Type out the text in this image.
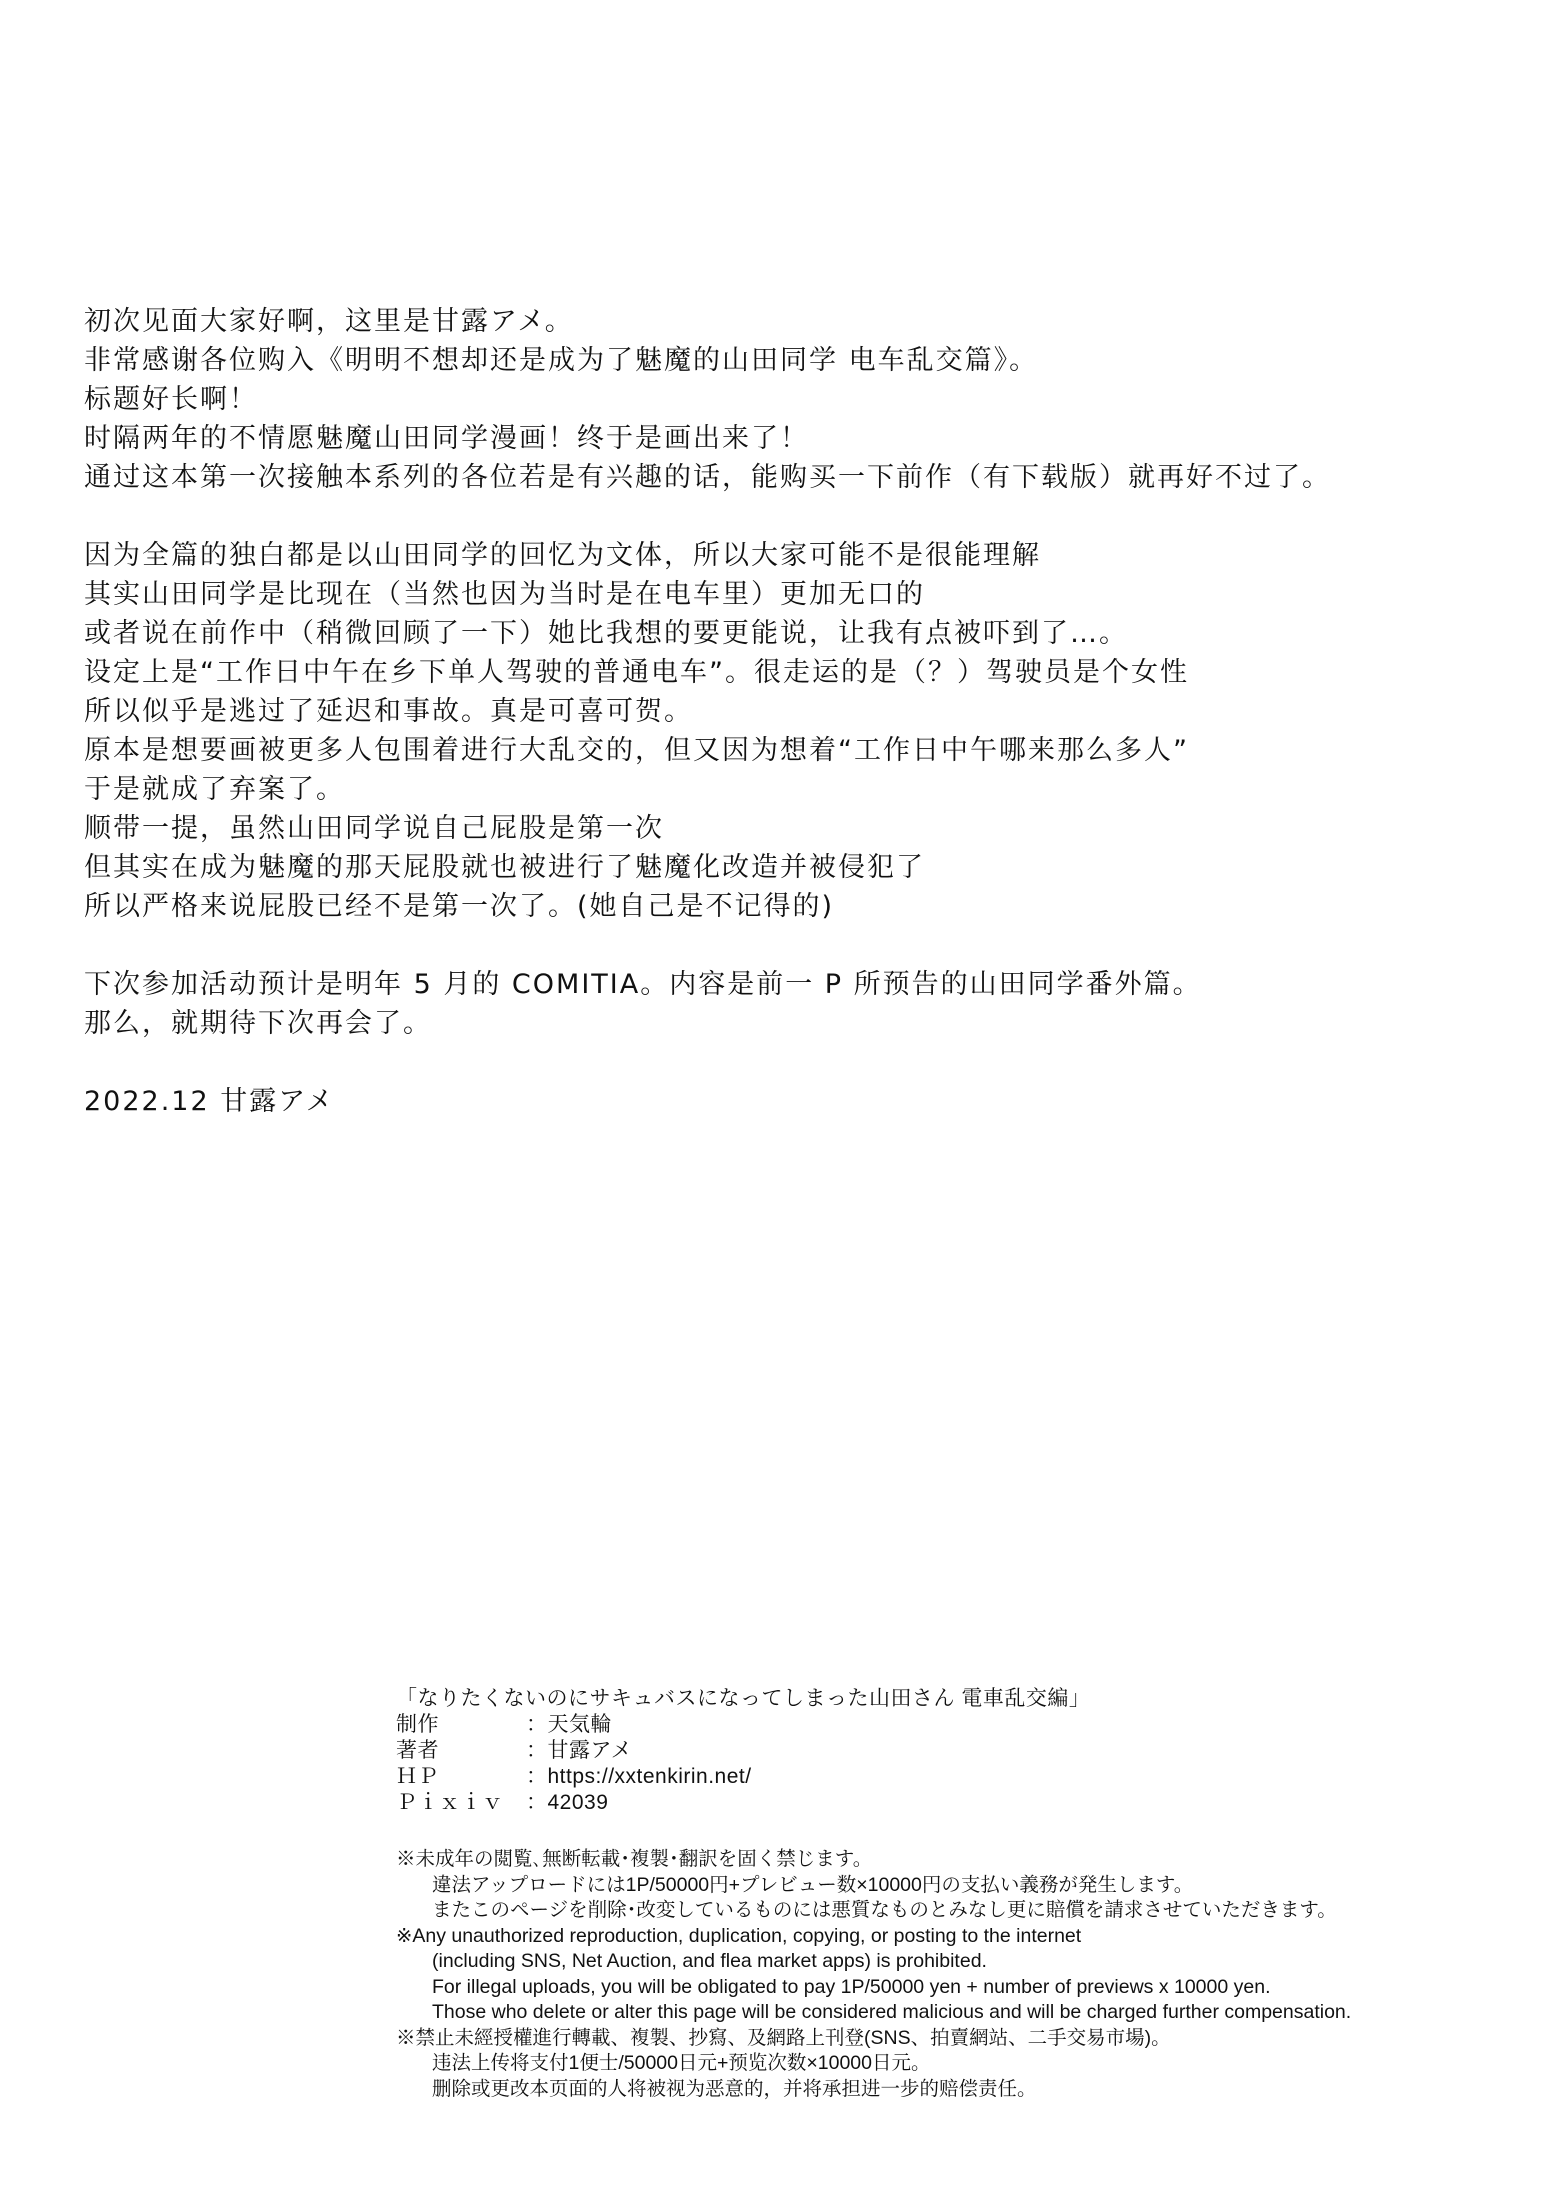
初次见面大家好啊，这里是甘露アメ。

非常感谢各位购入《明明不想却还是成为了魅魔的山田同学 电车乱交篇》。

标题好长啊！

时隔两年的不情愿魅魔山田同学漫画！终于是画出来了！

通过这本第一次接触本系列的各位若是有兴趣的话，能购买一下前作（有下载版）就再好不过了。

因为全篇的独白都是以山田同学的回忆为文体，所以大家可能不是很能理解

其实山田同学是比现在（当然也因为当时是在电车里）更加无口的

或者说在前作中（稍微回顾了一下）她比我想的要更能说，让我有点被吓到了…。

设定上是“工作日中午在乡下单人驾驶的普通电车”。很走运的是（？）驾驶员是个女性

所以似乎是逃过了延迟和事故。真是可喜可贺。

原本是想要画被更多人包围着进行大乱交的，但又因为想着“工作日中午哪来那么多人”

于是就成了弃案了。

顺带一提，虽然山田同学说自己屁股是第一次

但其实在成为魅魔的那天屁股就也被进行了魅魔化改造并被侵犯了

所以严格来说屁股已经不是第一次了。(她自己是不记得的)

下次参加活动预计是明年 5 月的 COMITIA。内容是前一 P 所预告的山田同学番外篇。

那么，就期待下次再会了。

2022.12 甘露アメ

「なりたくないのにサキュバスになってしまった山田さん 電車乱交編」

制作	：天気輪
著者	：甘露アメ
ＨＰ	：https://xxtenkirin.net/
Ｐｉｘｉｖ	：42039

※未成年の閲覧､無断転載･複製･翻訳を固く禁じます。

違法アップロードには1P/50000円+プレビュー数×10000円の支払い義務が発生します。

またこのページを削除･改変しているものには悪質なものとみなし更に賠償を請求させていただきます。

※Any unauthorized reproduction, duplication, copying, or posting to the internet

(including SNS, Net Auction, and flea market apps) is prohibited.

For illegal uploads, you will be obligated to pay 1P/50000 yen + number of previews x 10000 yen.

Those who delete or alter this page will be considered malicious and will be charged further compensation.

※禁止未經授權進行轉載、複製、抄寫、及網路上刊登(SNS、拍賣網站、二手交易市場)。

违法上传将支付1便士/50000日元+预览次数×10000日元。

删除或更改本页面的人将被视为恶意的，并将承担进一步的赔偿责任。
